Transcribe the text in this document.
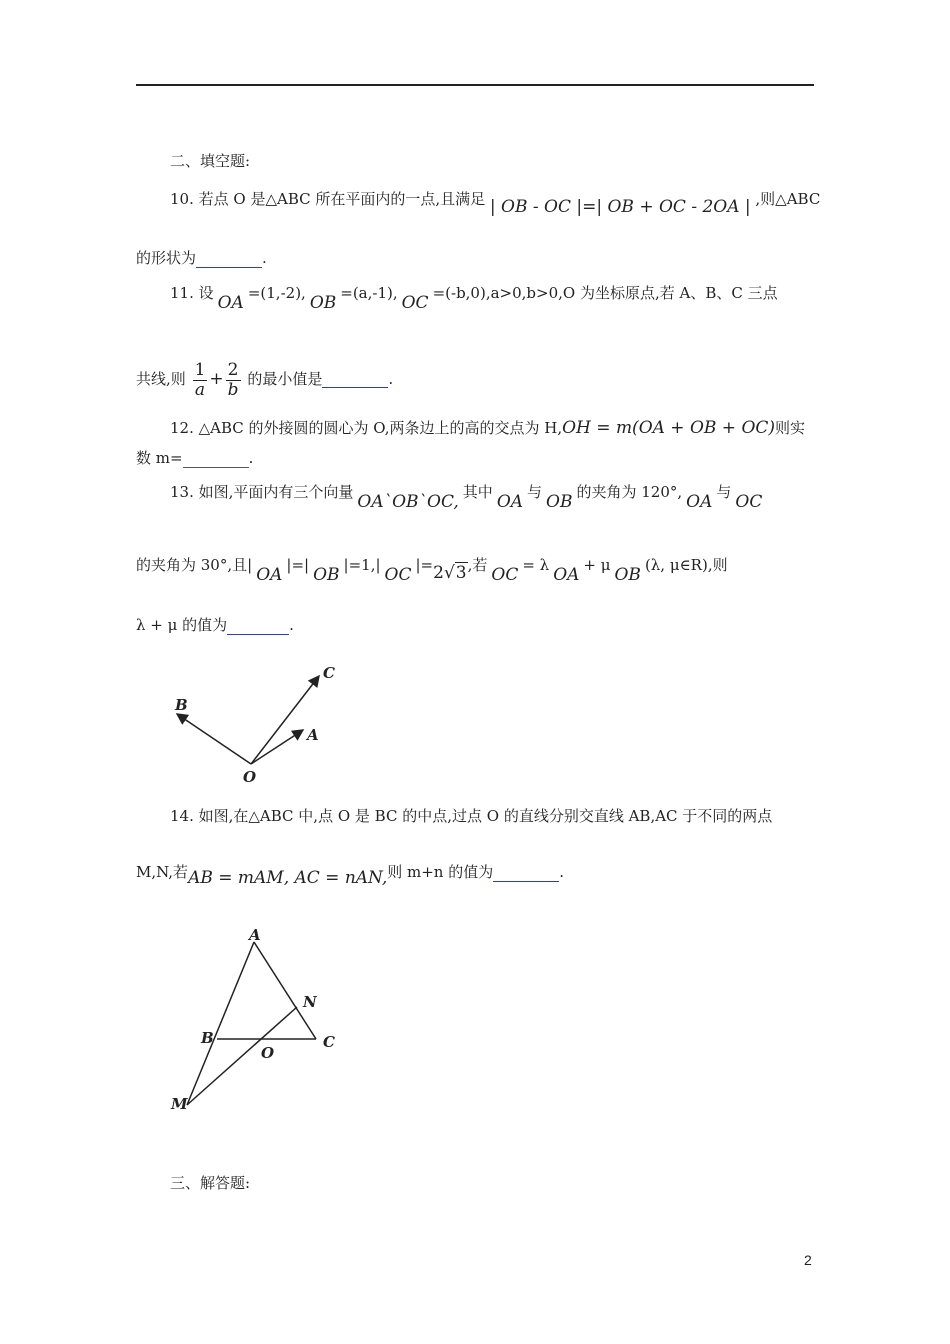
二、填空题:
10. 若点 O 是△ABC 所在平面内的一点,且满足 | OB - OC |=| OB + OC - 2OA | ,则△ABC
的形状为	.
11. 设 OA =(1,-2), OB =(a,-1), OC =(-b,0),a>0,b>0,O 为坐标原点,若 A、B、C 三点
共线,则 $\frac{1}{a} + \frac{2}{b}$ 的最小值是	.
12. △ABC 的外接圆的圆心为 O,两条边上的高的交点为 H,OH = m(OA + OB + OC)则实
数 m=	.
13. 如图,平面内有三个向量 OA`OB`OC, 其中 OA 与 OB 的夹角为 120°, OA 与 OC
的夹角为 30°,且| OA |=| OB |=1,| OC |=2√3,若 OC = λ OA + μ OB (λ, μ∈R),则
λ + μ 的值为	.
B
C
A
O
14. 如图,在△ABC 中,点 O 是 BC 的中点,过点 O 的直线分别交直线 AB,AC 于不同的两点
M,N,若AB = mAM, AC = nAN,则 m+n 的值为	.
A
N
B
O
C
M
三、解答题:
2
